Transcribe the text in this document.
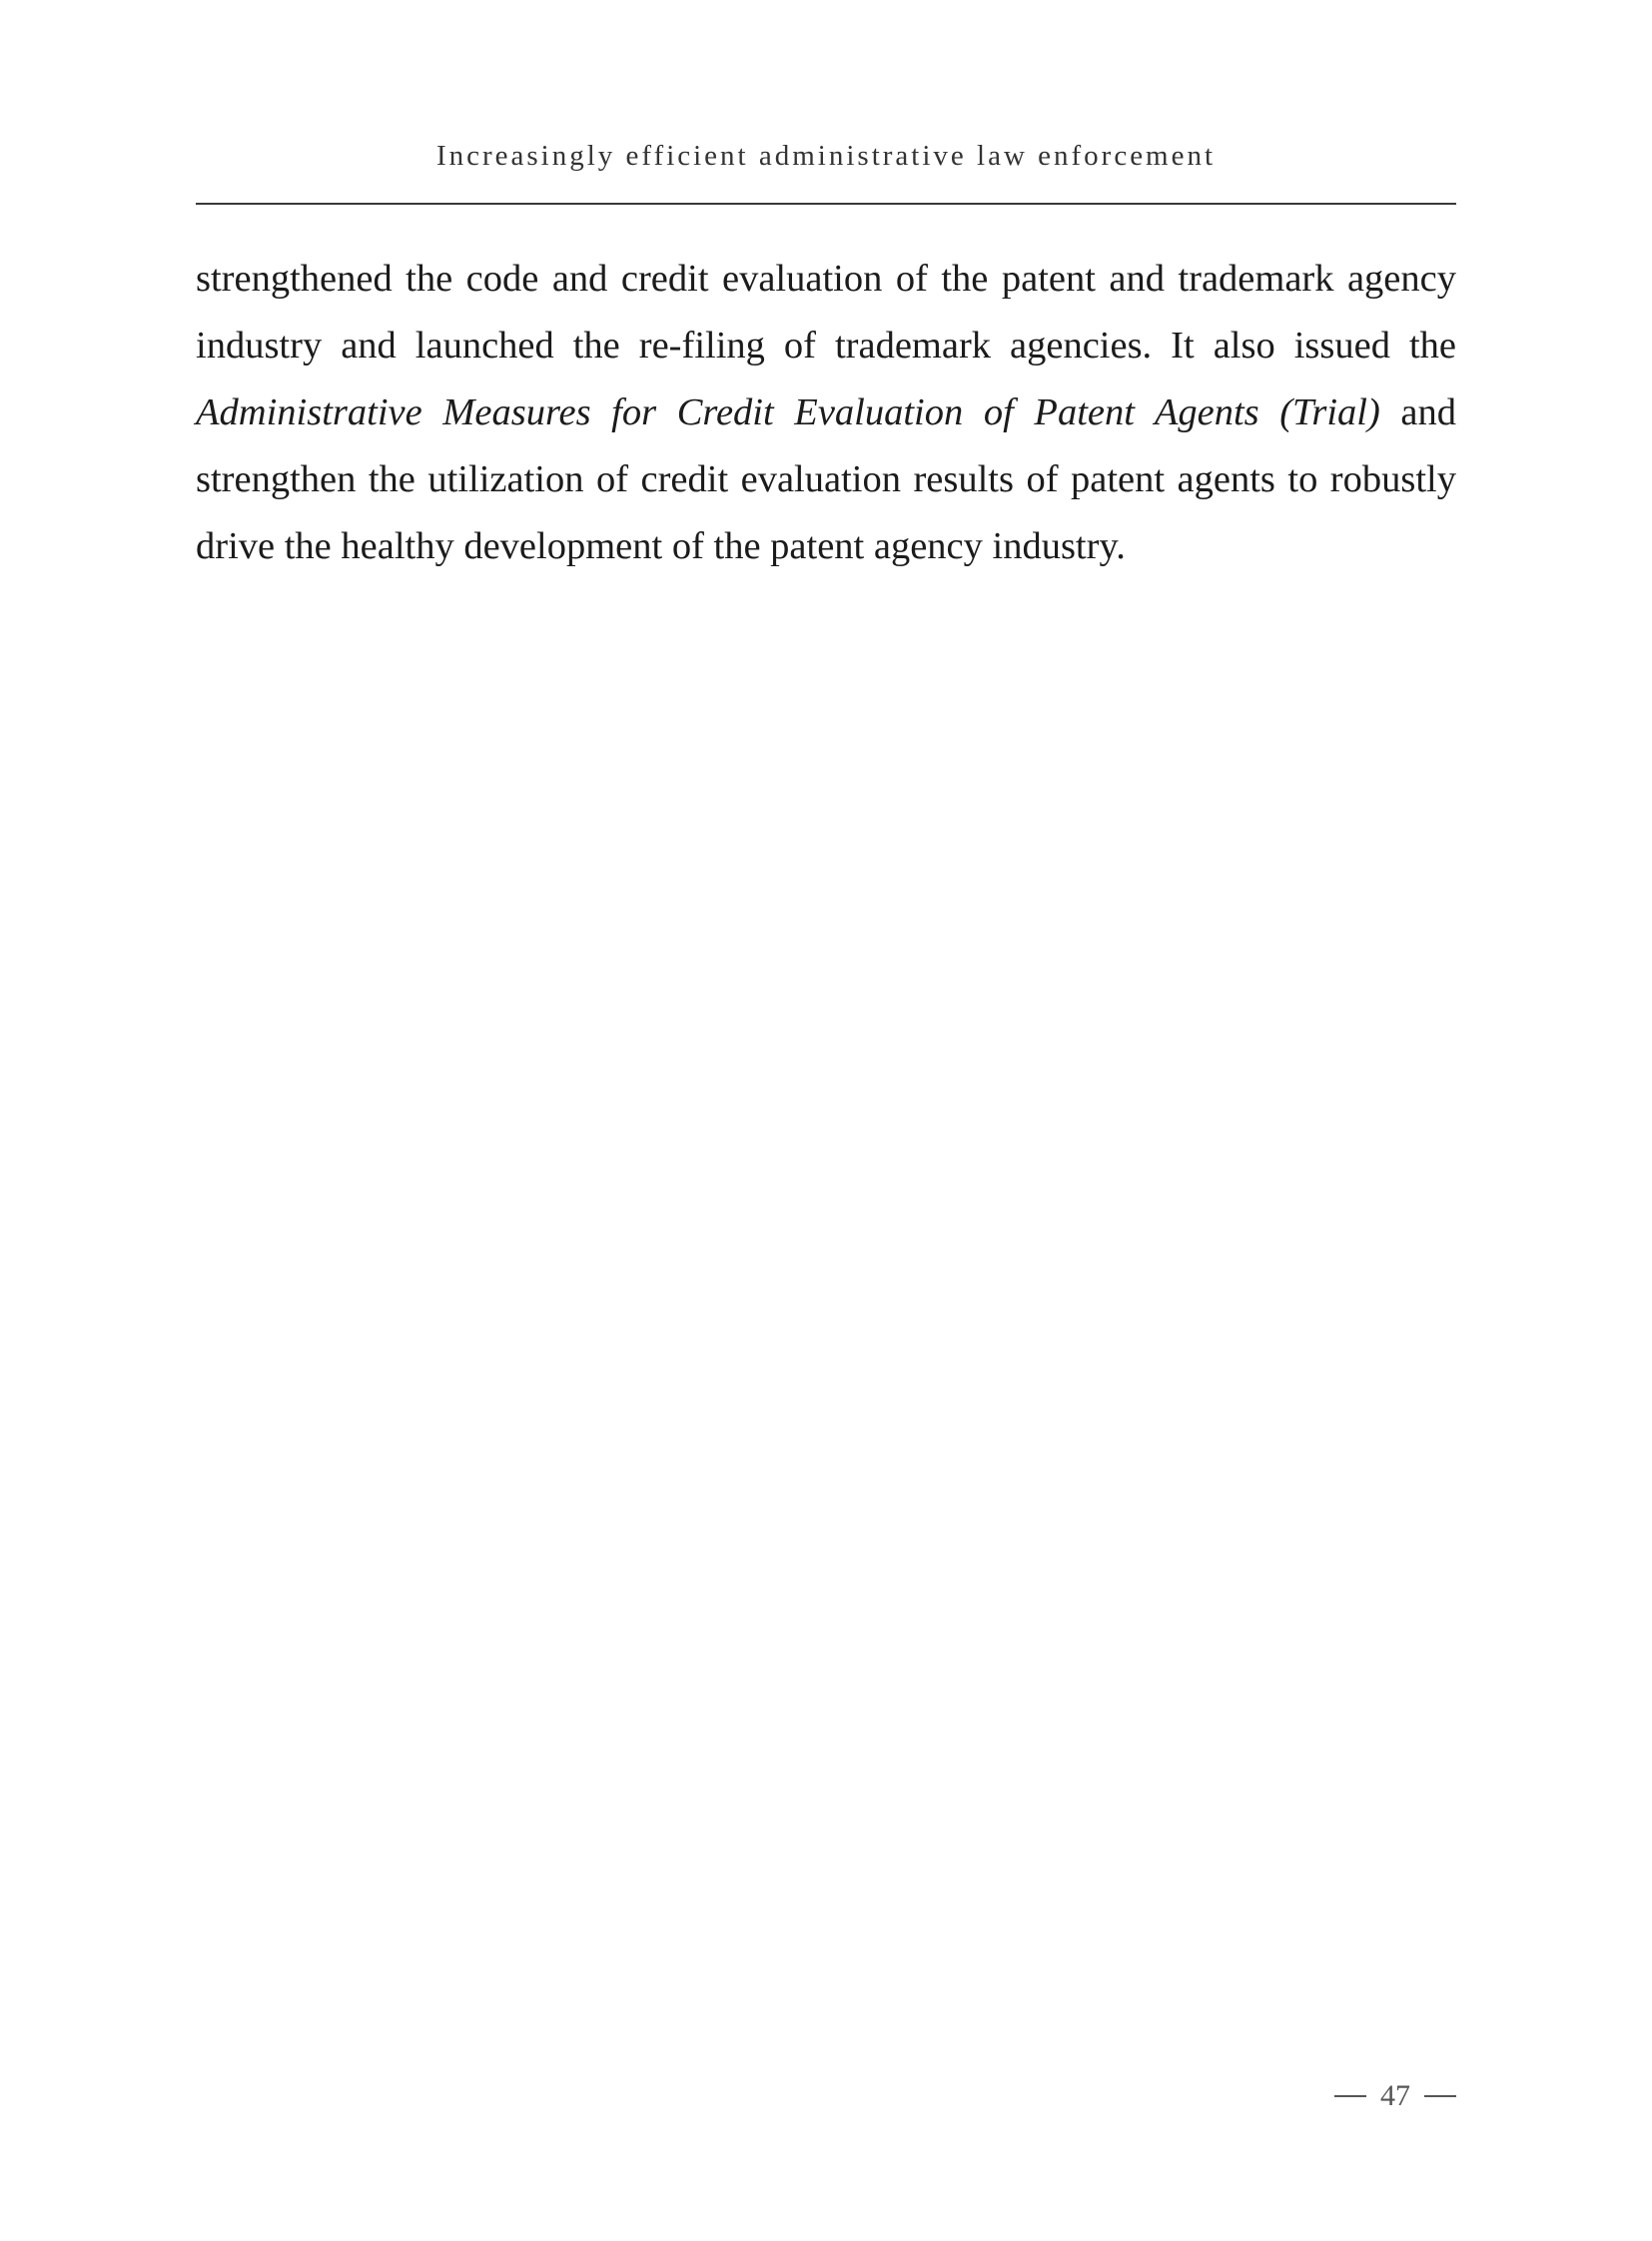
Increasingly efficient administrative law enforcement

strengthened the code and credit evaluation of the patent and trademark agency industry and launched the re-filing of trademark agencies. It also issued the Administrative Measures for Credit Evaluation of Patent Agents (Trial) and strengthen the utilization of credit evaluation results of patent agents to robustly drive the healthy development of the patent agency industry.

47
